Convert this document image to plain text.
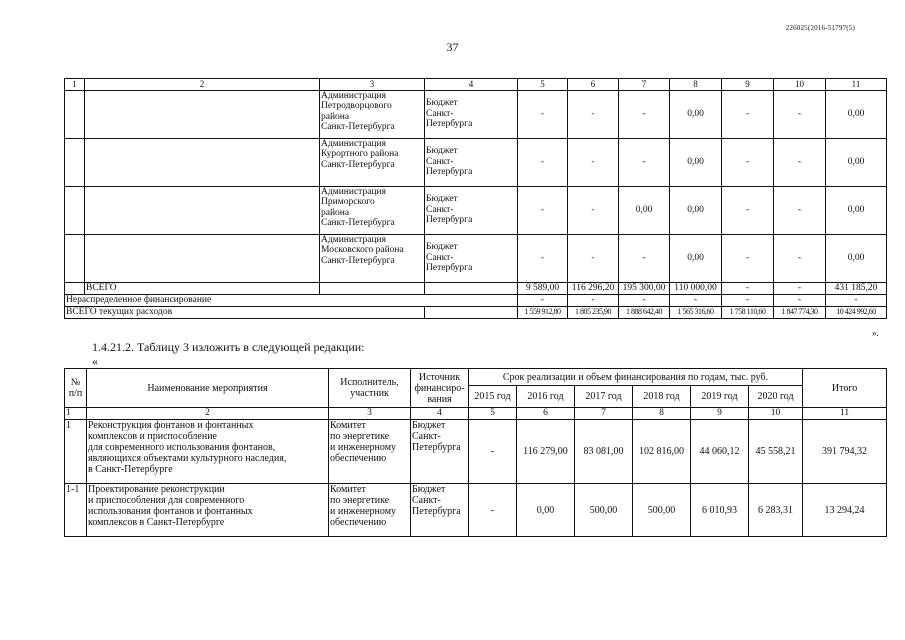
226025(2016-51797(5)
37
1	2	3	4	5	6	7	8	9	10	11
		Администрация
Петродворцового
района
Санкт-Петербурга	Бюджет
Санкт-
Петербурга	-	-	-	0,00	-	-	0,00
		Администрация
Курортного района
Санкт-Петербурга	Бюджет
Санкт-
Петербурга	-	-	-	0,00	-	-	0,00
		Администрация
Приморского
района
Санкт-Петербурга	Бюджет
Санкт-
Петербурга	-	-	0,00	0,00	-	-	0,00
		Администрация
Московского района
Санкт-Петербурга	Бюджет
Санкт-
Петербурга	-	-	-	0,00	-	-	0,00
	ВСЕГО			9 589,00	116 296,20	195 300,00	110 000,00	-	-	431 185,20
Нераспределенное финансирование				-	-	-	-	-	-	-
ВСЕГО текущих расходов				1 559 912,80	1 805 235,90	1 888 642,40	1 565 316,60	1 758 110,60	1 847 774,30	10 424 992,60
».
1.4.21.2. Таблицу 3 изложить в следующей редакции:
«
№
п/п	Наименование мероприятия	Исполнитель,
участник	Источник
финансиро-
вания	Срок реализации и объем финансирования по годам, тыс. руб.						Итого
				2015 год	2016 год	2017 год	2018 год	2019 год	2020 год	
1	2	3	4	5	6	7	8	9	10	11
1	Реконструкция фонтанов и фонтанных
комплексов и приспособление
для современного использования фонтанов,
являющихся объектами культурного наследия,
в Санкт-Петербурге	Комитет
по энергетике
и инженерному
обеспечению	Бюджет
Санкт-
Петербурга	-	116 279,00	83 081,00	102 816,00	44 060,12	45 558,21	391 794,32
1-1	Проектирование реконструкции
и приспособления для современного
использования фонтанов и фонтанных
комплексов в Санкт-Петербурге	Комитет
по энергетике
и инженерному
обеспечению	Бюджет
Санкт-
Петербурга	-	0,00	500,00	500,00	6 010,93	6 283,31	13 294,24
